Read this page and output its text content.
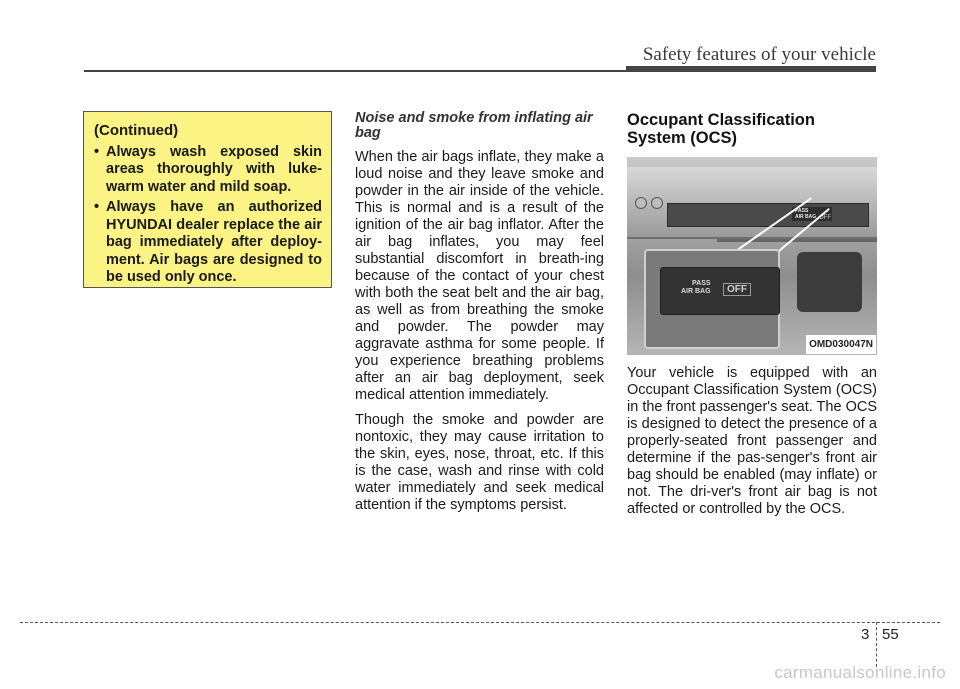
Safety features of your vehicle
(Continued)
• Always wash exposed skin areas thoroughly with luke-warm water and mild soap.
• Always have an authorized HYUNDAI dealer replace the air bag immediately after deploy-ment. Air bags are designed to be used only once.
Noise and smoke from inflating air bag

When the air bags inflate, they make a loud noise and they leave smoke and powder in the air inside of the vehicle. This is normal and is a result of the ignition of the air bag inflator. After the air bag inflates, you may feel substantial discomfort in breath-ing because of the contact of your chest with both the seat belt and the air bag, as well as from breathing the smoke and powder. The powder may aggravate asthma for some people. If you experience breathing problems after an air bag deployment, seek medical attention immediately.

Though the smoke and powder are nontoxic, they may cause irritation to the skin, eyes, nose, throat, etc. If this is the case, wash and rinse with cold water immediately and seek medical attention if the symptoms persist.

Occupant Classification System (OCS)
PASS
AIR BAG OFF
PASS
AIR BAG	OFF
OMD030047N

Your vehicle is equipped with an Occupant Classification System (OCS) in the front passenger's seat. The OCS is designed to detect the presence of a properly-seated front passenger and determine if the pas-senger's front air bag should be enabled (may inflate) or not. The dri-ver's front air bag is not affected or controlled by the OCS.

3 55
carmanualsonline.info
